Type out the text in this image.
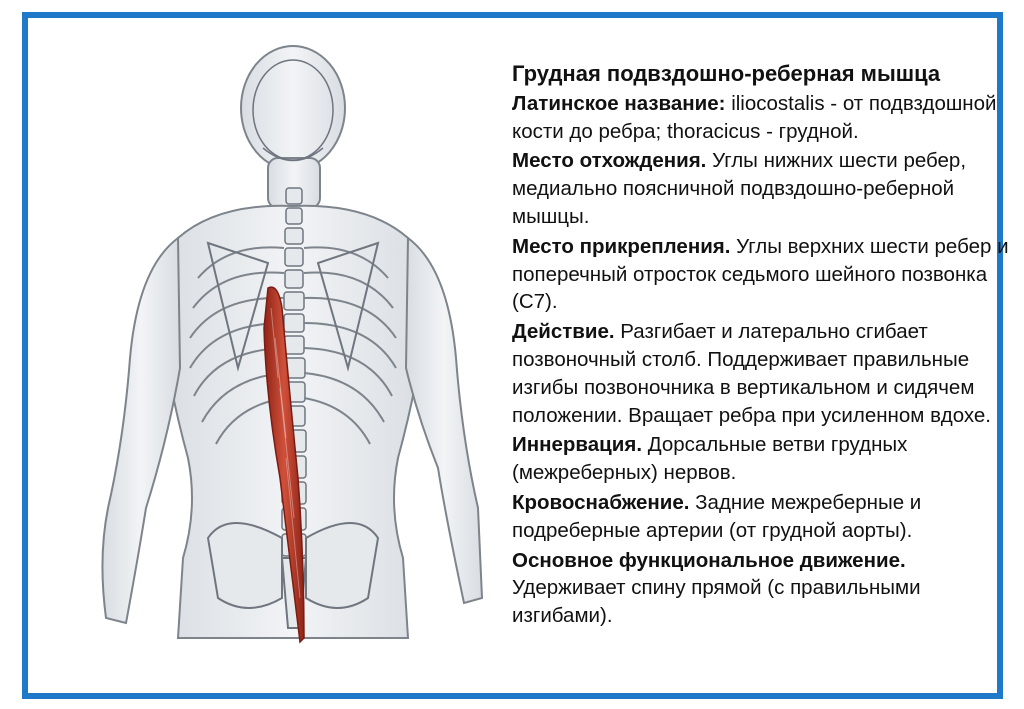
Грудная подвздошно-реберная мышца
Латинское название: iliocostalis - от подвздошной кости до ребра; thoracicus - грудной.
Место отхождения. Углы нижних шести ребер, медиально поясничной подвздошно-реберной мышцы.
Место прикрепления. Углы верхних шести ребер и поперечный отросток седьмого шейного позвонка (С7).
Действие. Разгибает и латерально сгибает позвоночный столб. Поддерживает правильные изгибы позвоночника в вертикальном и сидячем положении. Вращает ребра при усиленном вдохе.
Иннервация. Дорсальные ветви грудных (межреберных) нервов.
Кровоснабжение. Задние межреберные и подреберные артерии (от грудной аорты).
Основное функциональное движение. Удерживает спину прямой (с правильными изгибами).
